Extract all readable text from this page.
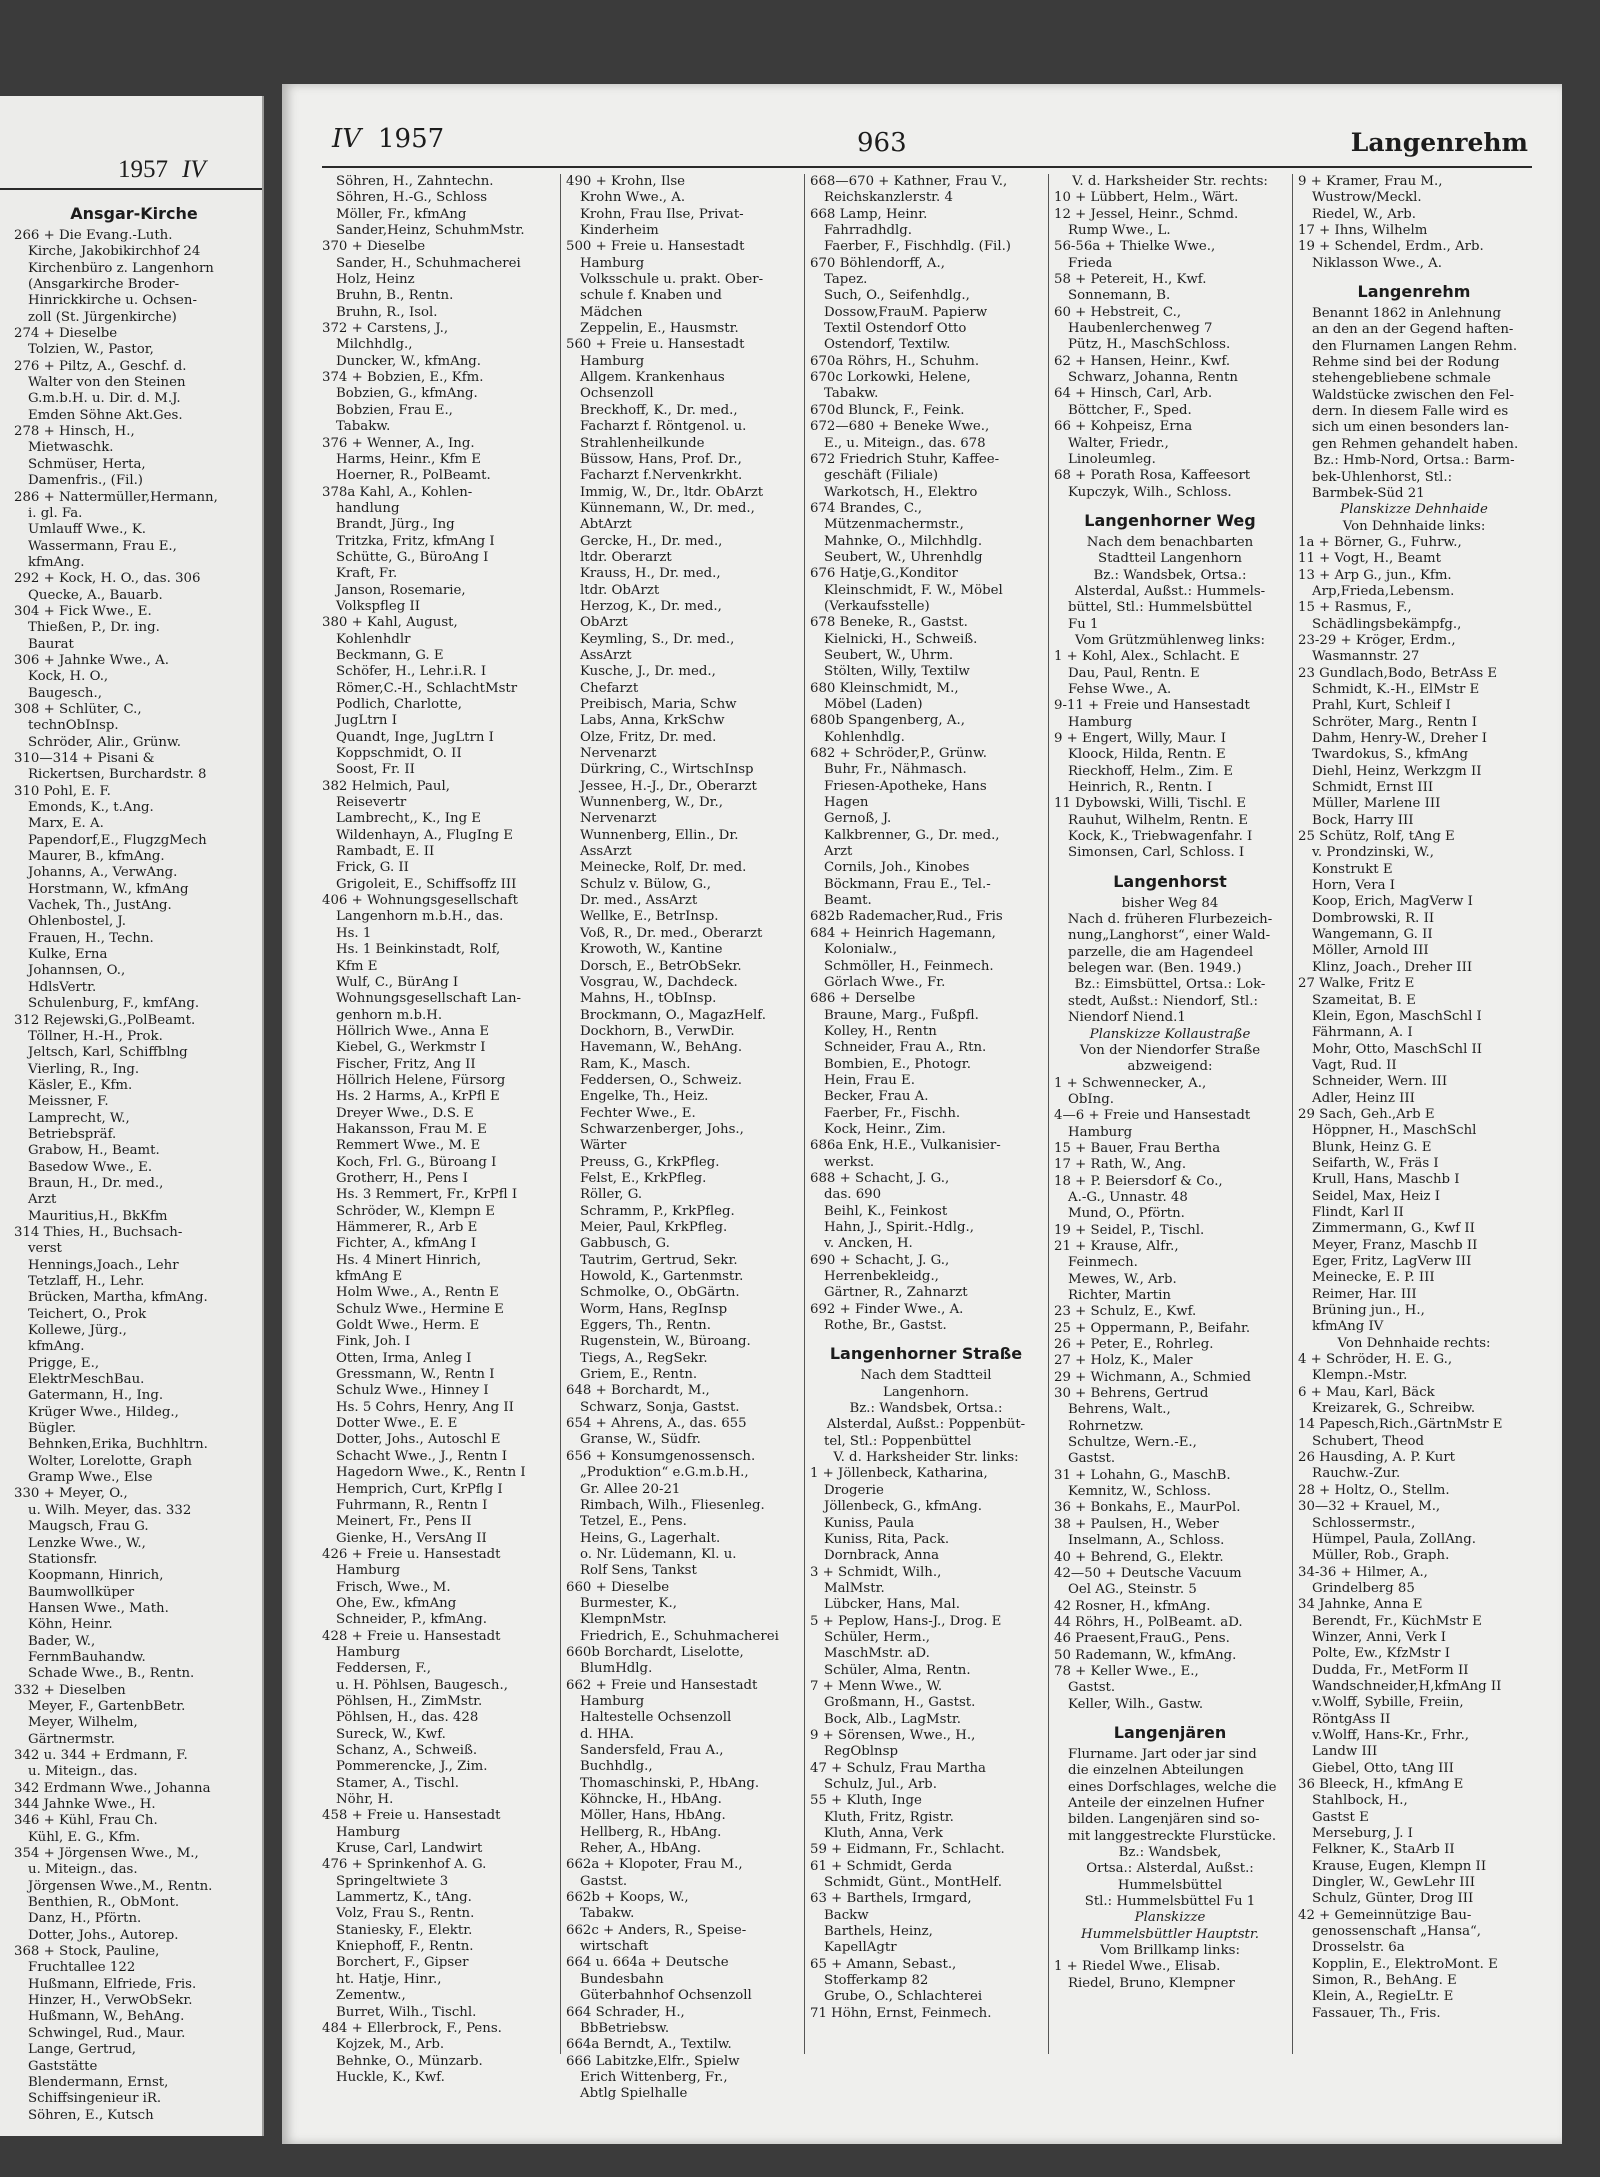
1957 IV
Ansgar-Kirche
266 + Die Evang.-Luth.
Kirche, Jakobikirchhof 24
Kirchenbüro z. Langenhorn
(Ansgarkirche Broder-
Hinrickkirche u. Ochsen-
zoll (St. Jürgenkirche)
274 + Dieselbe
Tolzien, W., Pastor,
276 + Piltz, A., Geschf. d.
Walter von den Steinen
G.m.b.H. u. Dir. d. M.J.
Emden Söhne Akt.Ges.
278 + Hinsch, H.,
Mietwaschk.
Schmüser, Herta,
Damenfris., (Fil.)
286 + Nattermüller,Hermann,
i. gl. Fa.
Umlauff Wwe., K.
Wassermann, Frau E.,
kfmAng.
292 + Kock, H. O., das. 306
Quecke, A., Bauarb.
304 + Fick Wwe., E.
Thießen, P., Dr. ing.
Baurat
306 + Jahnke Wwe., A.
Kock, H. O.,
Baugesch.,
308 + Schlüter, C.,
technObInsp.
Schröder, Alir., Grünw.
310—314 + Pisani &
Rickertsen, Burchardstr. 8
310 Pohl, E. F.
Emonds, K., t.Ang.
Marx, E. A.
Papendorf,E., FlugzgMech
Maurer, B., kfmAng.
Johanns, A., VerwAng.
Horstmann, W., kfmAng
Vachek, Th., JustAng.
Ohlenbostel, J.
Frauen, H., Techn.
Kulke, Erna
Johannsen, O.,
HdlsVertr.
Schulenburg, F., kmfAng.
312 Rejewski,G.,PolBeamt.
Töllner, H.-H., Prok.
Jeltsch, Karl, Schiffblng
Vierling, R., Ing.
Käsler, E., Kfm.
Meissner, F.
Lamprecht, W.,
Betriebspräf.
Grabow, H., Beamt.
Basedow Wwe., E.
Braun, H., Dr. med.,
Arzt
Mauritius,H., BkKfm
314 Thies, H., Buchsach-
verst
Hennings,Joach., Lehr
Tetzlaff, H., Lehr.
Brücken, Martha, kfmAng.
Teichert, O., Prok
Kollewe, Jürg.,
kfmAng.
Prigge, E.,
ElektrMeschBau.
Gatermann, H., Ing.
Krüger Wwe., Hildeg.,
Bügler.
Behnken,Erika, Buchhltrn.
Wolter, Lorelotte, Graph
Gramp Wwe., Else
330 + Meyer, O.,
u. Wilh. Meyer, das. 332
Maugsch, Frau G.
Lenzke Wwe., W.,
Stationsfr.
Koopmann, Hinrich,
Baumwollküper
Hansen Wwe., Math.
Köhn, Heinr.
Bader, W.,
FernmBauhandw.
Schade Wwe., B., Rentn.
332 + Dieselben
Meyer, F., GartenbBetr.
Meyer, Wilhelm,
Gärtnermstr.
342 u. 344 + Erdmann, F.
u. Miteign., das.
342 Erdmann Wwe., Johanna
344 Jahnke Wwe., H.
346 + Kühl, Frau Ch.
Kühl, E. G., Kfm.
354 + Jörgensen Wwe., M.,
u. Miteign., das.
Jörgensen Wwe.,M., Rentn.
Benthien, R., ObMont.
Danz, H., Pförtn.
Dotter, Johs., Autorep.
368 + Stock, Pauline,
Fruchtallee 122
Hußmann, Elfriede, Fris.
Hinzer, H., VerwObSekr.
Hußmann, W., BehAng.
Schwingel, Rud., Maur.
Lange, Gertrud,
Gaststätte
Blendermann, Ernst,
Schiffsingenieur iR.
Söhren, E., Kutsch
IV 1957	963	Langenrehm
Söhren, H., Zahntechn.
Söhren, H.-G., Schloss
Möller, Fr., kfmAng
Sander,Heinz, SchuhmMstr.
370 + Dieselbe
Sander, H., Schuhmacherei
Holz, Heinz
Bruhn, B., Rentn.
Bruhn, R., Isol.
372 + Carstens, J.,
Milchhdlg.,
Duncker, W., kfmAng.
374 + Bobzien, E., Kfm.
Bobzien, G., kfmAng.
Bobzien, Frau E.,
Tabakw.
376 + Wenner, A., Ing.
Harms, Heinr., Kfm E
Hoerner, R., PolBeamt.
378a Kahl, A., Kohlen-
handlung
Brandt, Jürg., Ing
Tritzka, Fritz, kfmAng I
Schütte, G., BüroAng I
Kraft, Fr.
Janson, Rosemarie,
Volkspfleg II
380 + Kahl, August,
Kohlenhdlr
Beckmann, G. E
Schöfer, H., Lehr.i.R. I
Römer,C.-H., SchlachtMstr
Podlich, Charlotte,
JugLtrn I
Quandt, Inge, JugLtrn I
Koppschmidt, O. II
Soost, Fr. II
382 Helmich, Paul,
Reisevertr
Lambrecht,, K., Ing E
Wildenhayn, A., FlugIng E
Rambadt, E. II
Frick, G. II
Grigoleit, E., Schiffsoffz III
406 + Wohnungsgesellschaft
Langenhorn m.b.H., das.
Hs. 1
Hs. 1 Beinkinstadt, Rolf,
Kfm E
Wulf, C., BürAng I
Wohnungsgesellschaft Lan-
genhorn m.b.H.
Höllrich Wwe., Anna E
Kiebel, G., Werkmstr I
Fischer, Fritz, Ang II
Höllrich Helene, Fürsorg
Hs. 2 Harms, A., KrPfl E
Dreyer Wwe., D.S. E
Hakansson, Frau M. E
Remmert Wwe., M. E
Koch, Frl. G., Büroang I
Grotherr, H., Pens I
Hs. 3 Remmert, Fr., KrPfl I
Schröder, W., Klempn E
Hämmerer, R., Arb E
Fichter, A., kfmAng I
Hs. 4 Minert Hinrich,
kfmAng E
Holm Wwe., A., Rentn E
Schulz Wwe., Hermine E
Goldt Wwe., Herm. E
Fink, Joh. I
Otten, Irma, Anleg I
Gressmann, W., Rentn I
Schulz Wwe., Hinney I
Hs. 5 Cohrs, Henry, Ang II
Dotter Wwe., E. E
Dotter, Johs., Autoschl E
Schacht Wwe., J., Rentn I
Hagedorn Wwe., K., Rentn I
Hemprich, Curt, KrPflg I
Fuhrmann, R., Rentn I
Meinert, Fr., Pens II
Gienke, H., VersAng II
426 + Freie u. Hansestadt
Hamburg
Frisch, Wwe., M.
Ohe, Ew., kfmAng
Schneider, P., kfmAng.
428 + Freie u. Hansestadt
Hamburg
Feddersen, F.,
u. H. Pöhlsen, Baugesch.,
Pöhlsen, H., ZimMstr.
Pöhlsen, H., das. 428
Sureck, W., Kwf.
Schanz, A., Schweiß.
Pommerencke, J., Zim.
Stamer, A., Tischl.
Nöhr, H.
458 + Freie u. Hansestadt
Hamburg
Kruse, Carl, Landwirt
476 + Sprinkenhof A. G.
Springeltwiete 3
Lammertz, K., tAng.
Volz, Frau S., Rentn.
Staniesky, F., Elektr.
Kniephoff, F., Rentn.
Borchert, F., Gipser
ht. Hatje, Hinr.,
Zementw.,
Burret, Wilh., Tischl.
484 + Ellerbrock, F., Pens.
Kojzek, M., Arb.
Behnke, O., Münzarb.
Huckle, K., Kwf.
490 + Krohn, Ilse
Krohn Wwe., A.
Krohn, Frau Ilse, Privat-
Kinderheim
500 + Freie u. Hansestadt
Hamburg
Volksschule u. prakt. Ober-
schule f. Knaben und
Mädchen
Zeppelin, E., Hausmstr.
560 + Freie u. Hansestadt
Hamburg
Allgem. Krankenhaus
Ochsenzoll
Breckhoff, K., Dr. med.,
Facharzt f. Röntgenol. u.
Strahlenheilkunde
Büssow, Hans, Prof. Dr.,
Facharzt f.Nervenkrkht.
Immig, W., Dr., ltdr. ObArzt
Künnemann, W., Dr. med.,
AbtArzt
Gercke, H., Dr. med.,
ltdr. Oberarzt
Krauss, H., Dr. med.,
ltdr. ObArzt
Herzog, K., Dr. med.,
ObArzt
Keymling, S., Dr. med.,
AssArzt
Kusche, J., Dr. med.,
Chefarzt
Preibisch, Maria, Schw
Labs, Anna, KrkSchw
Olze, Fritz, Dr. med.
Nervenarzt
Dürkring, C., WirtschInsp
Jessee, H.-J., Dr., Oberarzt
Wunnenberg, W., Dr.,
Nervenarzt
Wunnenberg, Ellin., Dr.
AssArzt
Meinecke, Rolf, Dr. med.
Schulz v. Bülow, G.,
Dr. med., AssArzt
Wellke, E., BetrInsp.
Voß, R., Dr. med., Oberarzt
Krowoth, W., Kantine
Dorsch, E., BetrObSekr.
Vosgrau, W., Dachdeck.
Mahns, H., tObInsp.
Brockmann, O., MagazHelf.
Dockhorn, B., VerwDir.
Havemann, W., BehAng.
Ram, K., Masch.
Feddersen, O., Schweiz.
Engelke, Th., Heiz.
Fechter Wwe., E.
Schwarzenberger, Johs.,
Wärter
Preuss, G., KrkPfleg.
Felst, E., KrkPfleg.
Röller, G.
Schramm, P., KrkPfleg.
Meier, Paul, KrkPfleg.
Gabbusch, G.
Tautrim, Gertrud, Sekr.
Howold, K., Gartenmstr.
Schmolke, O., ObGärtn.
Worm, Hans, RegInsp
Eggers, Th., Rentn.
Rugenstein, W., Büroang.
Tiegs, A., RegSekr.
Griem, E., Rentn.
648 + Borchardt, M.,
Schwarz, Sonja, Gastst.
654 + Ahrens, A., das. 655
Granse, W., Südfr.
656 + Konsumgenossensch.
„Produktion“ e.G.m.b.H.,
Gr. Allee 20-21
Rimbach, Wilh., Fliesenleg.
Tetzel, E., Pens.
Heins, G., Lagerhalt.
o. Nr. Lüdemann, Kl. u.
Rolf Sens, Tankst
660 + Dieselbe
Burmester, K.,
KlempnMstr.
Friedrich, E., Schuhmacherei
660b Borchardt, Liselotte,
BlumHdlg.
662 + Freie und Hansestadt
Hamburg
Haltestelle Ochsenzoll
d. HHA.
Sandersfeld, Frau A.,
Buchhdlg.,
Thomaschinski, P., HbAng.
Köhncke, H., HbAng.
Möller, Hans, HbAng.
Hellberg, R., HbAng.
Reher, A., HbAng.
662a + Klopoter, Frau M.,
Gastst.
662b + Koops, W.,
Tabakw.
662c + Anders, R., Speise-
wirtschaft
664 u. 664a + Deutsche
Bundesbahn
Güterbahnhof Ochsenzoll
664 Schrader, H.,
BbBetriebsw.
664a Berndt, A., Textilw.
666 Labitzke,Elfr., Spielw
Erich Wittenberg, Fr.,
Abtlg Spielhalle
668—670 + Kathner, Frau V.,
Reichskanzlerstr. 4
668 Lamp, Heinr.
Fahrradhdlg.
Faerber, F., Fischhdlg. (Fil.)
670 Böhlendorff, A.,
Tapez.
Such, O., Seifenhdlg.,
Dossow,FrauM. Papierw
Textil Ostendorf Otto
Ostendorf, Textilw.
670a Röhrs, H., Schuhm.
670c Lorkowki, Helene,
Tabakw.
670d Blunck, F., Feink.
672—680 + Beneke Wwe.,
E., u. Miteign., das. 678
672 Friedrich Stuhr, Kaffee-
geschäft (Filiale)
Warkotsch, H., Elektro
674 Brandes, C.,
Mützenmachermstr.,
Mahnke, O., Milchhdlg.
Seubert, W., Uhrenhdlg
676 Hatje,G.,Konditor
Kleinschmidt, F. W., Möbel
(Verkaufsstelle)
678 Beneke, R., Gastst.
Kielnicki, H., Schweiß.
Seubert, W., Uhrm.
Stölten, Willy, Textilw
680 Kleinschmidt, M.,
Möbel (Laden)
680b Spangenberg, A.,
Kohlenhdlg.
682 + Schröder,P., Grünw.
Buhr, Fr., Nähmasch.
Friesen-Apotheke, Hans
Hagen
Gernoß, J.
Kalkbrenner, G., Dr. med.,
Arzt
Cornils, Joh., Kinobes
Böckmann, Frau E., Tel.-
Beamt.
682b Rademacher,Rud., Fris
684 + Heinrich Hagemann,
Kolonialw.,
Schmöller, H., Feinmech.
Görlach Wwe., Fr.
686 + Derselbe
Braune, Marg., Fußpfl.
Kolley, H., Rentn
Schneider, Frau A., Rtn.
Bombien, E., Photogr.
Hein, Frau E.
Becker, Frau A.
Faerber, Fr., Fischh.
Kock, Heinr., Zim.
686a Enk, H.E., Vulkanisier-
werkst.
688 + Schacht, J. G.,
das. 690
Beihl, K., Feinkost
Hahn, J., Spirit.-Hdlg.,
v. Ancken, H.
690 + Schacht, J. G.,
Herrenbekleidg.,
Gärtner, R., Zahnarzt
692 + Finder Wwe., A.
Rothe, Br., Gastst.
Langenhorner Straße
Nach dem Stadtteil
Langenhorn.
Bz.: Wandsbek, Ortsa.:
Alsterdal, Außst.: Poppenbüt-
tel, Stl.: Poppenbüttel
V. d. Harksheider Str. links:
1 + Jöllenbeck, Katharina,
Drogerie
Jöllenbeck, G., kfmAng.
Kuniss, Paula
Kuniss, Rita, Pack.
Dornbrack, Anna
3 + Schmidt, Wilh.,
MalMstr.
Lübcker, Hans, Mal.
5 + Peplow, Hans-J., Drog. E
Schüler, Herm.,
MaschMstr. aD.
Schüler, Alma, Rentn.
7 + Menn Wwe., W.
Großmann, H., Gastst.
Bock, Alb., LagMstr.
9 + Sörensen, Wwe., H.,
RegOblnsp
47 + Schulz, Frau Martha
Schulz, Jul., Arb.
55 + Kluth, Inge
Kluth, Fritz, Rgistr.
Kluth, Anna, Verk
59 + Eidmann, Fr., Schlacht.
61 + Schmidt, Gerda
Schmidt, Günt., MontHelf.
63 + Barthels, Irmgard,
Backw
Barthels, Heinz,
KapellAgtr
65 + Amann, Sebast.,
Stofferkamp 82
Grube, O., Schlachterei
71 Höhn, Ernst, Feinmech.
V. d. Harksheider Str. rechts:
10 + Lübbert, Helm., Wärt.
12 + Jessel, Heinr., Schmd.
Rump Wwe., L.
56-56a + Thielke Wwe.,
Frieda
58 + Petereit, H., Kwf.
Sonnemann, B.
60 + Hebstreit, C.,
Haubenlerchenweg 7
Pütz, H., MaschSchloss.
62 + Hansen, Heinr., Kwf.
Schwarz, Johanna, Rentn
64 + Hinsch, Carl, Arb.
Böttcher, F., Sped.
66 + Kohpeisz, Erna
Walter, Friedr.,
Linoleumleg.
68 + Porath Rosa, Kaffeesort
Kupczyk, Wilh., Schloss.
Langenhorner Weg
Nach dem benachbarten
Stadtteil Langenhorn
Bz.: Wandsbek, Ortsa.:
Alsterdal, Außst.: Hummels-
büttel, Stl.: Hummelsbüttel
Fu 1
Vom Grützmühlenweg links:
1 + Kohl, Alex., Schlacht. E
Dau, Paul, Rentn. E
Fehse Wwe., A.
9-11 + Freie und Hansestadt
Hamburg
9 + Engert, Willy, Maur. I
Kloock, Hilda, Rentn. E
Rieckhoff, Helm., Zim. E
Heinrich, R., Rentn. I
11 Dybowski, Willi, Tischl. E
Rauhut, Wilhelm, Rentn. E
Kock, K., Triebwagenfahr. I
Simonsen, Carl, Schloss. I
Langenhorst
bisher Weg 84
Nach d. früheren Flurbezeich-
nung„Langhorst“, einer Wald-
parzelle, die am Hagendeel
belegen war. (Ben. 1949.)
Bz.: Eimsbüttel, Ortsa.: Lok-
stedt, Außst.: Niendorf, Stl.:
Niendorf Niend.1
Planskizze Kollaustraße
Von der Niendorfer Straße
abzweigend:
1 + Schwennecker, A.,
ObIng.
4—6 + Freie und Hansestadt
Hamburg
15 + Bauer, Frau Bertha
17 + Rath, W., Ang.
18 + P. Beiersdorf & Co.,
A.-G., Unnastr. 48
Mund, O., Pförtn.
19 + Seidel, P., Tischl.
21 + Krause, Alfr.,
Feinmech.
Mewes, W., Arb.
Richter, Martin
23 + Schulz, E., Kwf.
25 + Oppermann, P., Beifahr.
26 + Peter, E., Rohrleg.
27 + Holz, K., Maler
29 + Wichmann, A., Schmied
30 + Behrens, Gertrud
Behrens, Walt.,
Rohrnetzw.
Schultze, Wern.-E.,
Gastst.
31 + Lohahn, G., MaschB.
Kemnitz, W., Schloss.
36 + Bonkahs, E., MaurPol.
38 + Paulsen, H., Weber
Inselmann, A., Schloss.
40 + Behrend, G., Elektr.
42—50 + Deutsche Vacuum
Oel AG., Steinstr. 5
42 Rosner, H., kfmAng.
44 Röhrs, H., PolBeamt. aD.
46 Praesent,FrauG., Pens.
50 Rademann, W., kfmAng.
78 + Keller Wwe., E.,
Gastst.
Keller, Wilh., Gastw.
Langenjären
Flurname. Jart oder jar sind
die einzelnen Abteilungen
eines Dorfschlages, welche die
Anteile der einzelnen Hufner
bilden. Langenjären sind so-
mit langgestreckte Flurstücke.
Bz.: Wandsbek,
Ortsa.: Alsterdal, Außst.:
Hummelsbüttel
Stl.: Hummelsbüttel Fu 1
Planskizze
Hummelsbüttler Hauptstr.
Vom Brillkamp links:
1 + Riedel Wwe., Elisab.
Riedel, Bruno, Klempner
9 + Kramer, Frau M.,
Wustrow/Meckl.
Riedel, W., Arb.
17 + Ihns, Wilhelm
19 + Schendel, Erdm., Arb.
Niklasson Wwe., A.
Langenrehm
Benannt 1862 in Anlehnung
an den an der Gegend haften-
den Flurnamen Langen Rehm.
Rehme sind bei der Rodung
stehengebliebene schmale
Waldstücke zwischen den Fel-
dern. In diesem Falle wird es
sich um einen besonders lan-
gen Rehmen gehandelt haben.
Bz.: Hmb-Nord, Ortsa.: Barm-
bek-Uhlenhorst, Stl.:
Barmbek-Süd 21
Planskizze Dehnhaide
Von Dehnhaide links:
1a + Börner, G., Fuhrw.,
11 + Vogt, H., Beamt
13 + Arp G., jun., Kfm.
Arp,Frieda,Lebensm.
15 + Rasmus, F.,
Schädlingsbekämpfg.,
23-29 + Kröger, Erdm.,
Wasmannstr. 27
23 Gundlach,Bodo, BetrAss E
Schmidt, K.-H., ElMstr E
Prahl, Kurt, Schleif I
Schröter, Marg., Rentn I
Dahm, Henry-W., Dreher I
Twardokus, S., kfmAng
Diehl, Heinz, Werkzgm II
Schmidt, Ernst III
Müller, Marlene III
Bock, Harry III
25 Schütz, Rolf, tAng E
v. Prondzinski, W.,
Konstrukt E
Horn, Vera I
Koop, Erich, MagVerw I
Dombrowski, R. II
Wangemann, G. II
Möller, Arnold III
Klinz, Joach., Dreher III
27 Walke, Fritz E
Szameitat, B. E
Klein, Egon, MaschSchl I
Fährmann, A. I
Mohr, Otto, MaschSchl II
Vagt, Rud. II
Schneider, Wern. III
Adler, Heinz III
29 Sach, Geh.,Arb E
Höppner, H., MaschSchl
Blunk, Heinz G. E
Seifarth, W., Fräs I
Krull, Hans, Maschb I
Seidel, Max, Heiz I
Flindt, Karl II
Zimmermann, G., Kwf II
Meyer, Franz, Maschb II
Eger, Fritz, LagVerw III
Meinecke, E. P. III
Reimer, Har. III
Brüning jun., H.,
kfmAng IV
Von Dehnhaide rechts:
4 + Schröder, H. E. G.,
Klempn.-Mstr.
6 + Mau, Karl, Bäck
Kreizarek, G., Schreibw.
14 Papesch,Rich.,GärtnMstr E
Schubert, Theod
26 Hausding, A. P. Kurt
Rauchw.-Zur.
28 + Holtz, O., Stellm.
30—32 + Krauel, M.,
Schlossermstr.,
Hümpel, Paula, ZollAng.
Müller, Rob., Graph.
34-36 + Hilmer, A.,
Grindelberg 85
34 Jahnke, Anna E
Berendt, Fr., KüchMstr E
Winzer, Anni, Verk I
Polte, Ew., KfzMstr I
Dudda, Fr., MetForm II
Wandschneider,H,kfmAng II
v.Wolff, Sybille, Freiin,
RöntgAss II
v.Wolff, Hans-Kr., Frhr.,
Landw III
Giebel, Otto, tAng III
36 Bleeck, H., kfmAng E
Stahlbock, H.,
Gastst E
Merseburg, J. I
Felkner, K., StaArb II
Krause, Eugen, Klempn II
Dingler, W., GewLehr III
Schulz, Günter, Drog III
42 + Gemeinnützige Bau-
genossenschaft „Hansa“,
Drosselstr. 6a
Kopplin, E., ElektroMont. E
Simon, R., BehAng. E
Klein, A., RegieLtr. E
Fassauer, Th., Fris.
